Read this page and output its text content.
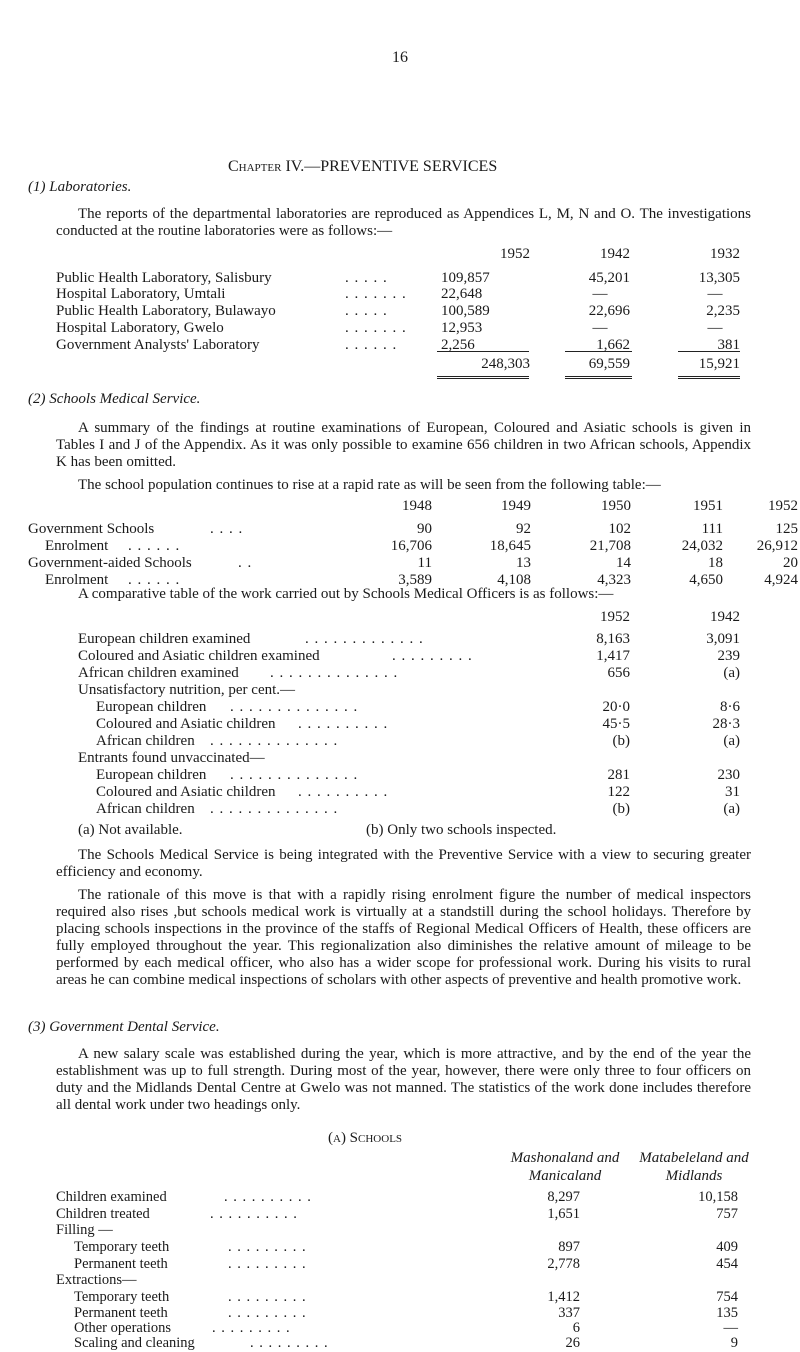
16
Chapter IV.—PREVENTIVE SERVICES
(1) Laboratories.
The reports of the departmental laboratories are reproduced as Appendices L, M, N and O. The investigations conducted at the routine laboratories were as follows:—
1952	1942	1932
Public Health Laboratory, Salisbury	. . . . .	109,857	45,201	13,305
Hospital Laboratory, Umtali	. . . . . . .	22,648	—	—
Public Health Laboratory, Bulawayo	. . . . .	100,589	22,696	2,235
Hospital Laboratory, Gwelo	. . . . . . .	12,953	—	—
Government Analysts' Laboratory	. . . . . .	2,256	1,662	381
248,303	69,559	15,921
(2) Schools Medical Service.
A summary of the findings at routine examinations of European, Coloured and Asiatic schools is given in Tables I and J of the Appendix. As it was only possible to examine 656 children in two African schools, Appendix K has been omitted.
The school population continues to rise at a rapid rate as will be seen from the following table:—
1948	1949	1950	1951	1952
Government Schools	. . . .	90	92	102	111	125
Enrolment . . . . . .	16,706	18,645	21,708	24,032	26,912
Government-aided Schools	. .	11	13	14	18	20
Enrolment . . . . . .	3,589	4,108	4,323	4,650	4,924
A comparative table of the work carried out by Schools Medical Officers is as follows:—
1952	1942
European children examined	. . . . . . . . . . . . .	8,163	3,091
Coloured and Asiatic children examined	. . . . . . . . .	1,417	239
African children examined . . . . . . . . . . . . . .	656	(a)
Unsatisfactory nutrition, per cent.—
European children . . . . . . . . . . . . . .	20·0	8·6
Coloured and Asiatic children . . . . . . . . . .	45·5	28·3
African children . . . . . . . . . . . . . .	(b)	(a)
Entrants found unvaccinated—
European children . . . . . . . . . . . . . .	281	230
Coloured and Asiatic children . . . . . . . . . .	122	31
African children . . . . . . . . . . . . . .	(b)	(a)
(a) Not available.	(b) Only two schools inspected.
The Schools Medical Service is being integrated with the Preventive Service with a view to securing greater efficiency and economy.
The rationale of this move is that with a rapidly rising enrolment figure the number of medical inspectors required also rises ,but schools medical work is virtually at a standstill during the school holidays. Therefore by placing schools inspections in the province of the staffs of Regional Medical Officers of Health, these officers are fully employed throughout the year. This regionalization also diminishes the relative amount of mileage to be performed by each medical officer, who also has a wider scope for professional work. During his visits to rural areas he can combine medical inspections of scholars with other aspects of preventive and health promotive work.
(3) Government Dental Service.
A new salary scale was established during the year, which is more attractive, and by the end of the year the establishment was up to full strength. During most of the year, however, there were only three to four officers on duty and the Midlands Dental Centre at Gwelo was not manned. The statistics of the work done includes therefore all dental work under two headings only.
(a) Schools
Mashonaland and Manicaland
Matabeleland and Midlands
Children examined	. . . . . . . . . .	8,297	10,158
Children treated	. . . . . . . . . .	1,651	757
Filling —
Temporary teeth	. . . . . . . . .	897	409
Permanent teeth	. . . . . . . . .	2,778	454
Extractions—
Temporary teeth	. . . . . . . . .	1,412	754
Permanent teeth	. . . . . . . . .	337	135
Other operations	. . . . . . . . .	6	—
Scaling and cleaning	. . . . . . . . .	26	9
